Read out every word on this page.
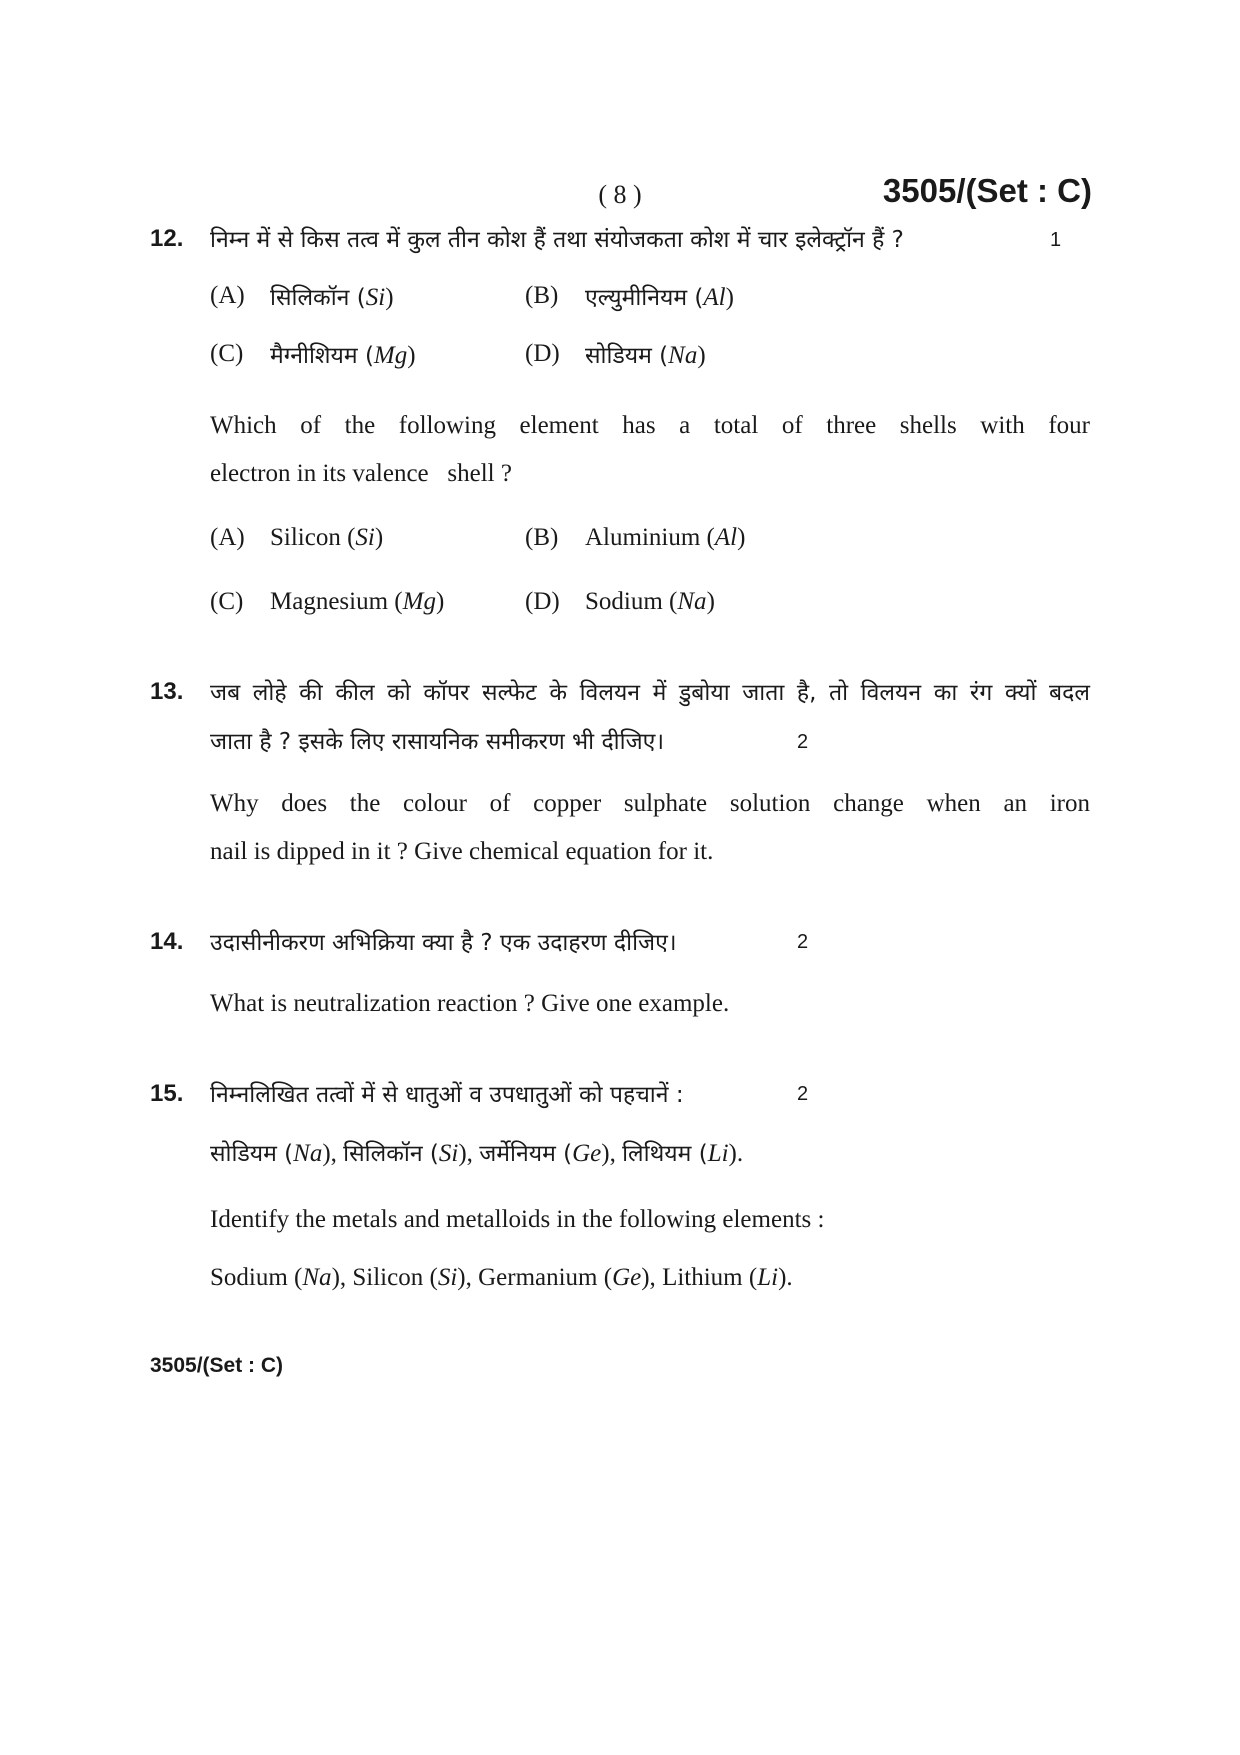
( 8 )	3505/(Set : C)
12. निम्न में से किस तत्व में कुल तीन कोश हैं तथा संयोजकता कोश में चार इलेक्ट्रॉन हैं ?	1
(A) सिलिकॉन (Si)	(B) एल्युमीनियम (Al)
(C) मैग्नीशियम (Mg)	(D) सोडियम (Na)
Which of the following element has a total of three shells with four
electron in its valence   shell ?
(A) Silicon (Si)	(B) Aluminium (Al)
(C) Magnesium (Mg)	(D) Sodium (Na)
13. जब लोहे की कील को कॉपर सल्फेट के विलयन में डुबोया जाता है, तो विलयन का रंग क्यों बदल
जाता है ? इसके लिए रासायनिक समीकरण भी दीजिए।	2
Why does the colour of copper sulphate solution change when an iron
nail is dipped in it ? Give chemical equation for it.
14. उदासीनीकरण अभिक्रिया क्या है ? एक उदाहरण दीजिए।	2
What is neutralization reaction ? Give one example.
15. निम्नलिखित तत्वों में से धातुओं व उपधातुओं को पहचानें :	2
सोडियम (Na), सिलिकॉन (Si), जर्मेनियम (Ge), लिथियम (Li).
Identify the metals and metalloids in the following elements :
Sodium (Na), Silicon (Si), Germanium (Ge), Lithium (Li).
3505/(Set : C)
